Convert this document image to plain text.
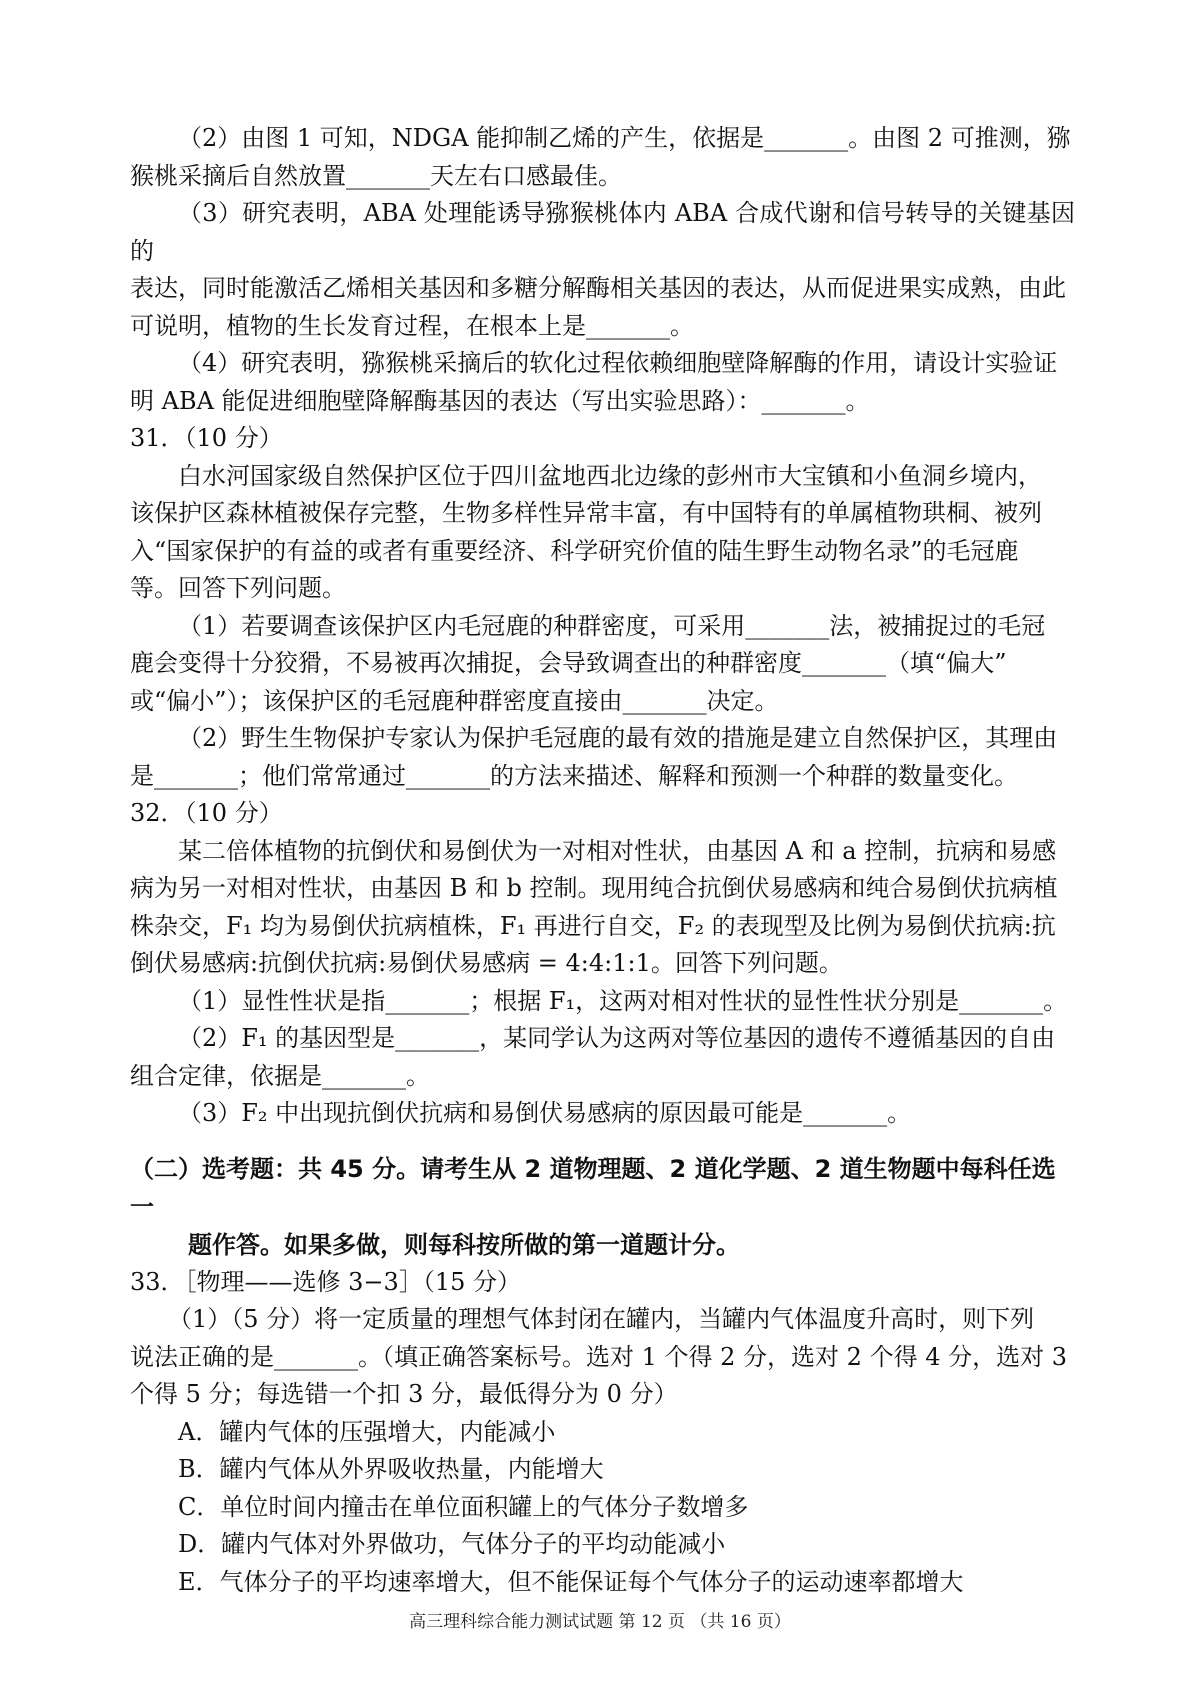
（2）由图 1 可知，NDGA 能抑制乙烯的产生，依据是_______。由图 2 可推测，猕

猴桃采摘后自然放置_______天左右口感最佳。

（3）研究表明，ABA 处理能诱导猕猴桃体内 ABA 合成代谢和信号转导的关键基因的

表达，同时能激活乙烯相关基因和多糖分解酶相关基因的表达，从而促进果实成熟，由此

可说明，植物的生长发育过程，在根本上是_______。

（4）研究表明，猕猴桃采摘后的软化过程依赖细胞壁降解酶的作用，请设计实验证

明 ABA 能促进细胞壁降解酶基因的表达（写出实验思路）：_______。

31．（10 分）

白水河国家级自然保护区位于四川盆地西北边缘的彭州市大宝镇和小鱼洞乡境内，

该保护区森林植被保存完整，生物多样性异常丰富，有中国特有的单属植物珙桐、被列

入“国家保护的有益的或者有重要经济、科学研究价值的陆生野生动物名录”的毛冠鹿

等。回答下列问题。

（1）若要调查该保护区内毛冠鹿的种群密度，可采用_______法，被捕捉过的毛冠

鹿会变得十分狡猾，不易被再次捕捉，会导致调查出的种群密度_______（填“偏大”

或“偏小”）；该保护区的毛冠鹿种群密度直接由_______决定。

（2）野生生物保护专家认为保护毛冠鹿的最有效的措施是建立自然保护区，其理由

是_______；他们常常通过_______的方法来描述、解释和预测一个种群的数量变化。

32．（10 分）

某二倍体植物的抗倒伏和易倒伏为一对相对性状，由基因 A 和 a 控制，抗病和易感

病为另一对相对性状，由基因 B 和 b 控制。现用纯合抗倒伏易感病和纯合易倒伏抗病植

株杂交，F₁ 均为易倒伏抗病植株，F₁ 再进行自交，F₂ 的表现型及比例为易倒伏抗病:抗

倒伏易感病:抗倒伏抗病:易倒伏易感病 = 4:4:1:1。回答下列问题。

（1）显性性状是指_______；根据 F₁，这两对相对性状的显性性状分别是_______。

（2）F₁ 的基因型是_______，某同学认为这两对等位基因的遗传不遵循基因的自由

组合定律，依据是_______。

（3）F₂ 中出现抗倒伏抗病和易倒伏易感病的原因最可能是_______。

（二）选考题：共 45 分。请考生从 2 道物理题、2 道化学题、2 道生物题中每科任选一
题作答。如果多做，则每科按所做的第一道题计分。

33．［物理——选修 3−3］（15 分）

（1）（5 分）将一定质量的理想气体封闭在罐内，当罐内气体温度升高时，则下列

说法正确的是_______。（填正确答案标号。选对 1 个得 2 分，选对 2 个得 4 分，选对 3

个得 5 分；每选错一个扣 3 分，最低得分为 0 分）

A．罐内气体的压强增大，内能减小

B．罐内气体从外界吸收热量，内能增大

C．单位时间内撞击在单位面积罐上的气体分子数增多

D．罐内气体对外界做功，气体分子的平均动能减小

E．气体分子的平均速率增大，但不能保证每个气体分子的运动速率都增大

高三理科综合能力测试试题 第 12 页 （共 16 页）
